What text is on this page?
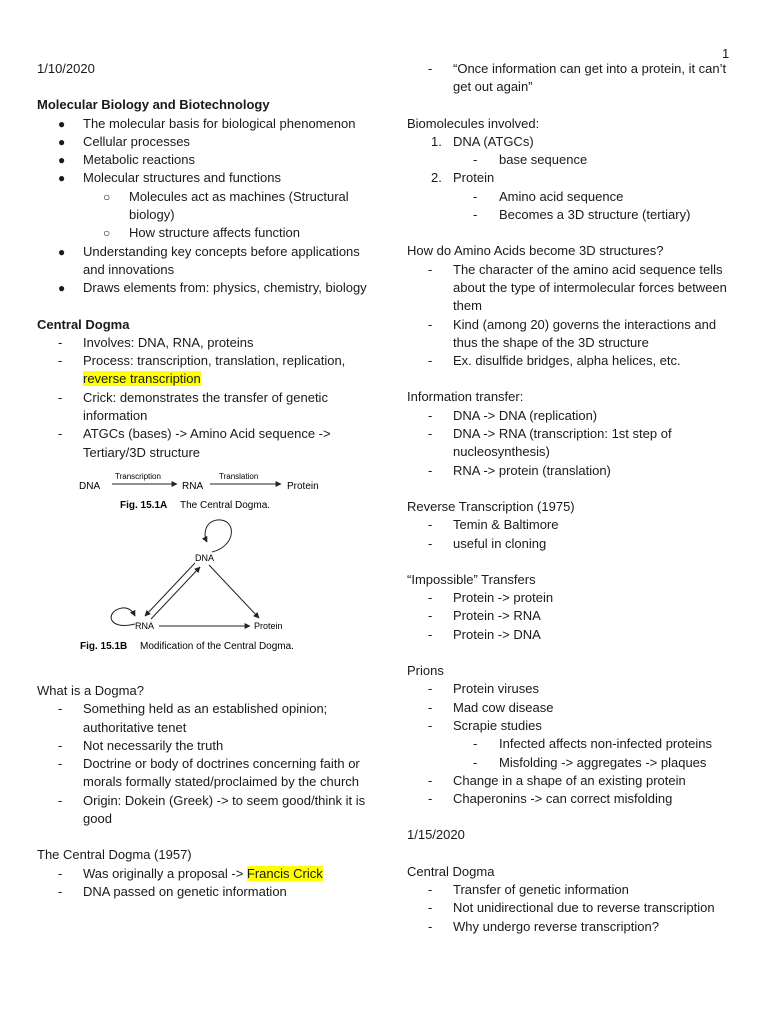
1

1/10/2020

Molecular Biology and Biotechnology

● The molecular basis for biological phenomenon
● Cellular processes
● Metabolic reactions
● Molecular structures and functions
○ Molecules act as machines (Structural biology)
○ How structure affects function
● Understanding key concepts before applications and innovations
● Draws elements from: physics, chemistry, biology

Central Dogma

- Involves: DNA, RNA, proteins
- Process: transcription, translation, replication, reverse transcription
- Crick: demonstrates the transfer of genetic information
- ATGCs (bases) -> Amino Acid sequence -> Tertiary/3D structure
DNA
Transcription
RNA
Translation
Protein
Fig. 15.1A The Central Dogma.
DNA
RNA	Protein
Fig. 15.1B Modification of the Central Dogma.

What is a Dogma?

- Something held as an established opinion; authoritative tenet
- Not necessarily the truth
- Doctrine or body of doctrines concerning faith or morals formally stated/proclaimed by the church
- Origin: Dokein (Greek) -> to seem good/think it is good

The Central Dogma (1957)

- Was originally a proposal -> Francis Crick
- DNA passed on genetic information
- “Once information can get into a protein, it can’t get out again”

Biomolecules involved:

1. DNA (ATGCs)
- base sequence
2. Protein
- Amino acid sequence
- Becomes a 3D structure (tertiary)

How do Amino Acids become 3D structures?

- The character of the amino acid sequence tells about the type of intermolecular forces between them
- Kind (among 20) governs the interactions and thus the shape of the 3D structure
- Ex. disulfide bridges, alpha helices, etc.

Information transfer:

- DNA -> DNA (replication)
- DNA -> RNA (transcription: 1st step of nucleosynthesis)
- RNA -> protein (translation)

Reverse Transcription (1975)

- Temin & Baltimore
- useful in cloning

“Impossible” Transfers

- Protein -> protein
- Protein -> RNA
- Protein -> DNA

Prions

- Protein viruses
- Mad cow disease
- Scrapie studies
- Infected affects non-infected proteins
- Misfolding -> aggregates -> plaques
- Change in a shape of an existing protein
- Chaperonins -> can correct misfolding

1/15/2020

Central Dogma

- Transfer of genetic information
- Not unidirectional due to reverse transcription
- Why undergo reverse transcription?
